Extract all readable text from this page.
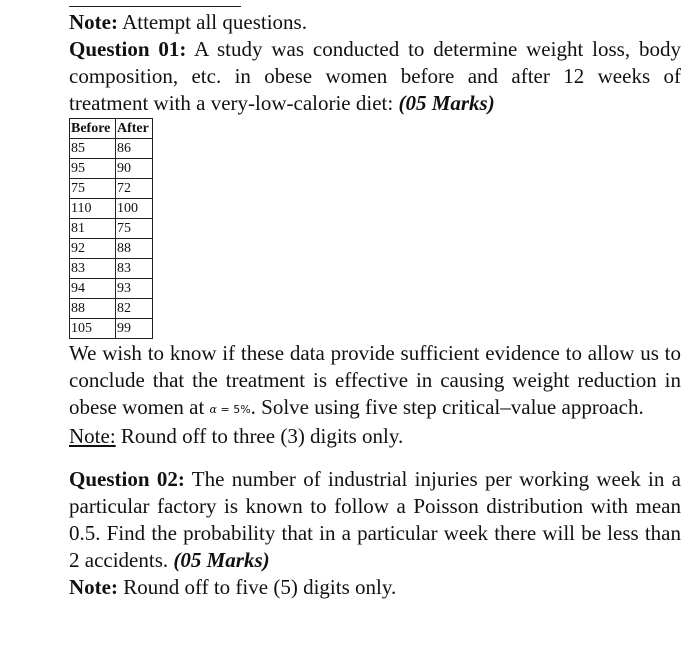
Note: Attempt all questions.

Question 01: A study was conducted to determine weight loss, body composition, etc. in obese women before and after 12 weeks of treatment with a very-low-calorie diet: (05 Marks)

Before	After
85	86
95	90
75	72
110	100
81	75
92	88
83	83
94	93
88	82
105	99

We wish to know if these data provide sufficient evidence to allow us to conclude that the treatment is effective in causing weight reduction in obese women at α = 5%. Solve using five step critical–value approach.

Note: Round off to three (3) digits only.

Question 02: The number of industrial injuries per working week in a particular factory is known to follow a Poisson distribution with mean 0.5. Find the probability that in a particular week there will be less than 2 accidents. (05 Marks)

Note: Round off to five (5) digits only.
